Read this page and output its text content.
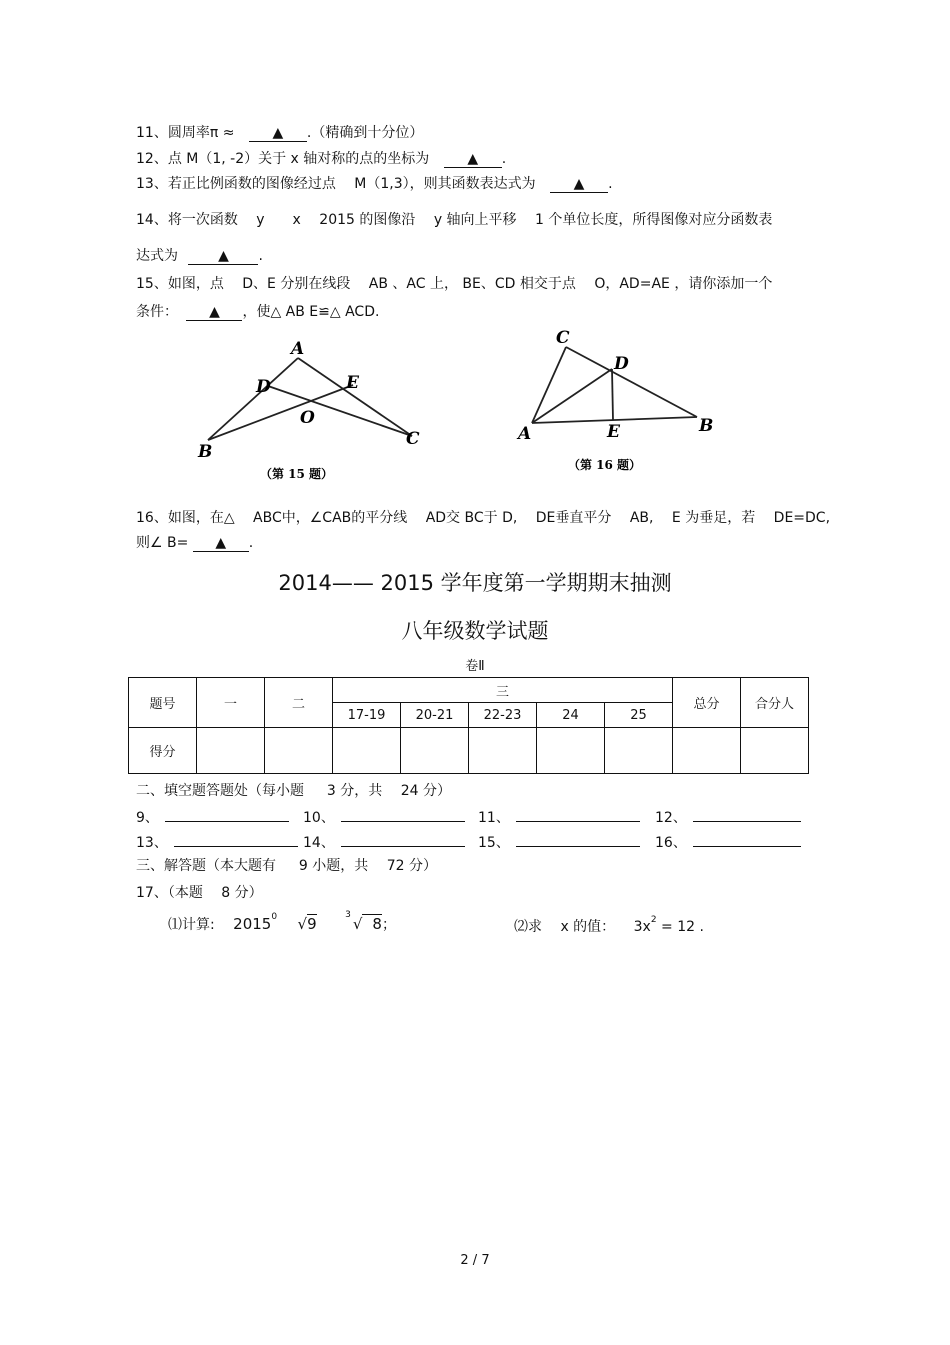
11、圆周率π ≈	▲ .（精确到十分位）
12、点 M（1, -2）关于 x 轴对称的点的坐标为	▲ .
13、若正比例函数的图像经过点 　M（1,3），则其函数表达式为	▲ .
14、将一次函数 　y　　x　 2015 的图像沿 　y 轴向上平移 　1 个单位长度，所得图像对应分函数表
达式为	▲ .
15、如图，点 　D、E 分别在线段 　AB 、AC 上， BE、CD 相交于点 　O，AD=AE ，请你添加一个
条件： ▲ ，使△ AB E≌△ ACD.
A
D	E
O
B
C
（第 15 题）
C
D
A	E	B
（第 16 题）
16、如图，在△ 　ABC中，∠CAB的平分线 　AD交 BC于 D, 　DE垂直平分 　AB, 　E 为垂足，若 　DE=DC,
则∠ B= ▲ .
2014—— 2015 学年度第一学期期末抽测
八年级数学试题
卷Ⅱ
题号	一	二	三					总分	合分人
			17-19	20-21	22-23	24	25		
得分									
二、填空题答题处（每小题 　 3 分，共 　24 分）
9、	10、	11、	12、
13、	14、	15、	16、
三、解答题（本大题有 　 9 小题，共 　72 分）
17、（本题 　8 分）
⑴计算: 2015$^0$ √9	$^3$ √ 8；	⑵求 　x 的值： 　$3x^2 = 12$ .
2 / 7
